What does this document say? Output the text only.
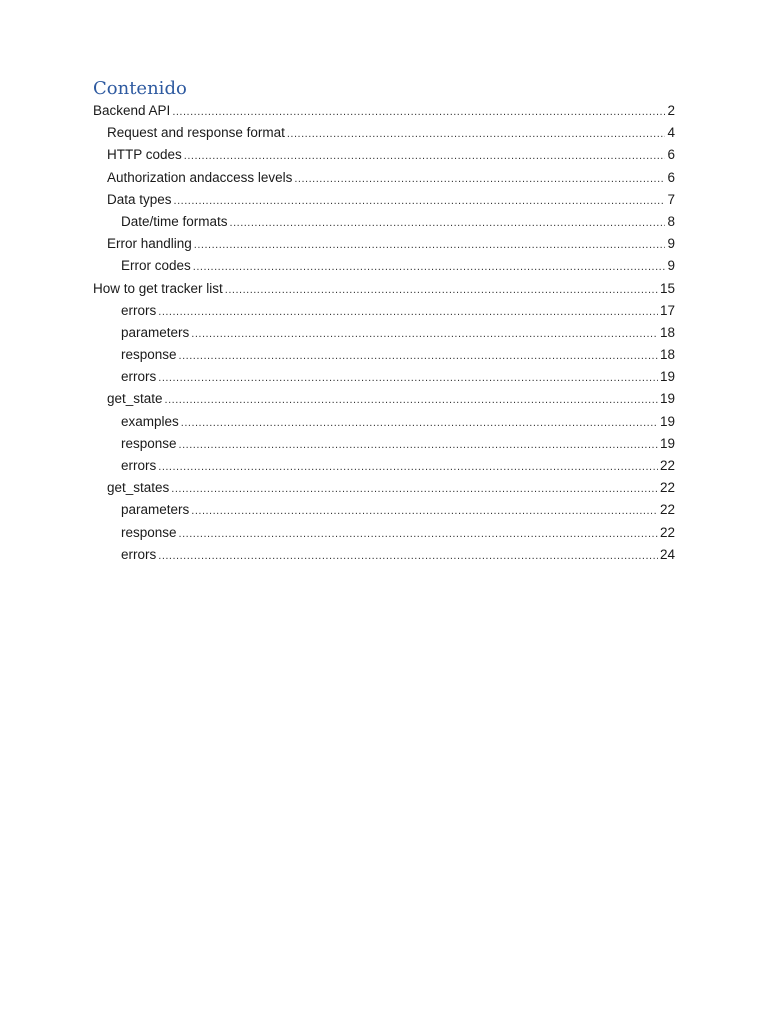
Contenido
Backend API .....	2
Request and response format .....	4
HTTP codes .....	6
Authorization andaccess levels .....	6
Data types .....	7
Date/time formats .....	8
Error handling .....	9
Error codes .....	9
How to get tracker list .....	15
errors .....	17
parameters .....	18
response .....	18
errors .....	19
get_state .....	19
examples .....	19
response .....	19
errors .....	22
get_states .....	22
parameters .....	22
response .....	22
errors .....	24
